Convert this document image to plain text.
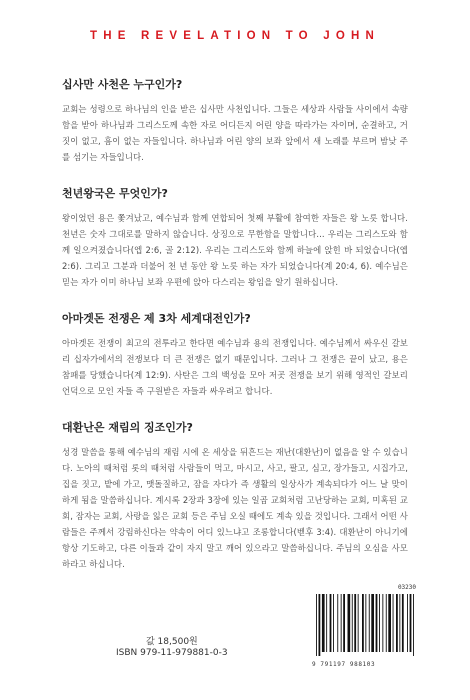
THE REVELATION TO JOHN
십사만 사천은 누구인가?
교회는 성령으로 하나님의 인을 받은 십사만 사천입니다. 그들은 세상과 사람들 사이에서 속량함을 받아 하나님과 그리스도께 속한 자로 어디든지 어린 양을 따라가는 자이며, 순결하고, 거짓이 없고, 흠이 없는 자들입니다. 하나님과 어린 양의 보좌 앞에서 새 노래를 부르며 밤낮 주를 섬기는 자들입니다.
천년왕국은 무엇인가?
왕이었던 용은 쫓겨났고, 예수님과 함께 연합되어 첫째 부활에 참여한 자들은 왕 노릇 합니다. 천년은 숫자 그대로를 말하지 않습니다. 상징으로 무한함을 말합니다… 우리는 그리스도와 함께 일으켜졌습니다(엡 2:6, 골 2:12). 우리는 그리스도와 함께 하늘에 앉힌 바 되었습니다(엡 2:6). 그리고 그분과 더불어 천 년 동안 왕 노릇 하는 자가 되었습니다(계 20:4, 6). 예수님은 믿는 자가 이미 하나님 보좌 우편에 앉아 다스리는 왕임을 알기 원하십니다.
아마겟돈 전쟁은 제 3차 세계대전인가?
아마겟돈 전쟁이 최고의 전투라고 한다면 예수님과 용의 전쟁입니다. 예수님께서 싸우신 갈보리 십자가에서의 전쟁보다 더 큰 전쟁은 없기 때문입니다. 그러나 그 전쟁은 끝이 났고, 용은 참패를 당했습니다(계 12:9). 사탄은 그의 백성을 모아 저곳 전쟁을 보기 위해 영적인 갈보리 언덕으로 모인 자들 즉 구원받은 자들과 싸우려고 합니다.
대환난은 재림의 징조인가?
성경 말씀을 통해 예수님의 재림 시에 온 세상을 뒤흔드는 재난(대환난)이 없음을 알 수 있습니다. 노아의 때처럼 롯의 때처럼 사람들이 먹고, 마시고, 사고, 팔고, 심고, 장가들고, 시집가고, 집을 짓고, 밭에 가고, 맷돌질하고, 잠을 자다가 즉 생활의 일상사가 계속되다가 어느 날 맞이하게 됨을 말씀하십니다. 계시록 2장과 3장에 있는 일곱 교회처럼 고난당하는 교회, 미혹된 교회, 잠자는 교회, 사랑을 잃은 교회 등은 주님 오실 때에도 계속 있을 것입니다. 그래서 어떤 사람들은 주께서 강림하신다는 약속이 어디 있느냐고 조롱합니다(벧후 3:4). 대환난이 아니기에 항상 기도하고, 다른 이들과 같이 자지 말고 깨어 있으라고 말씀하십니다. 주님의 오심을 사모하라고 하십니다.
값 18,500원
ISBN 979-11-979881-0-3
03230
9 791197 988103
